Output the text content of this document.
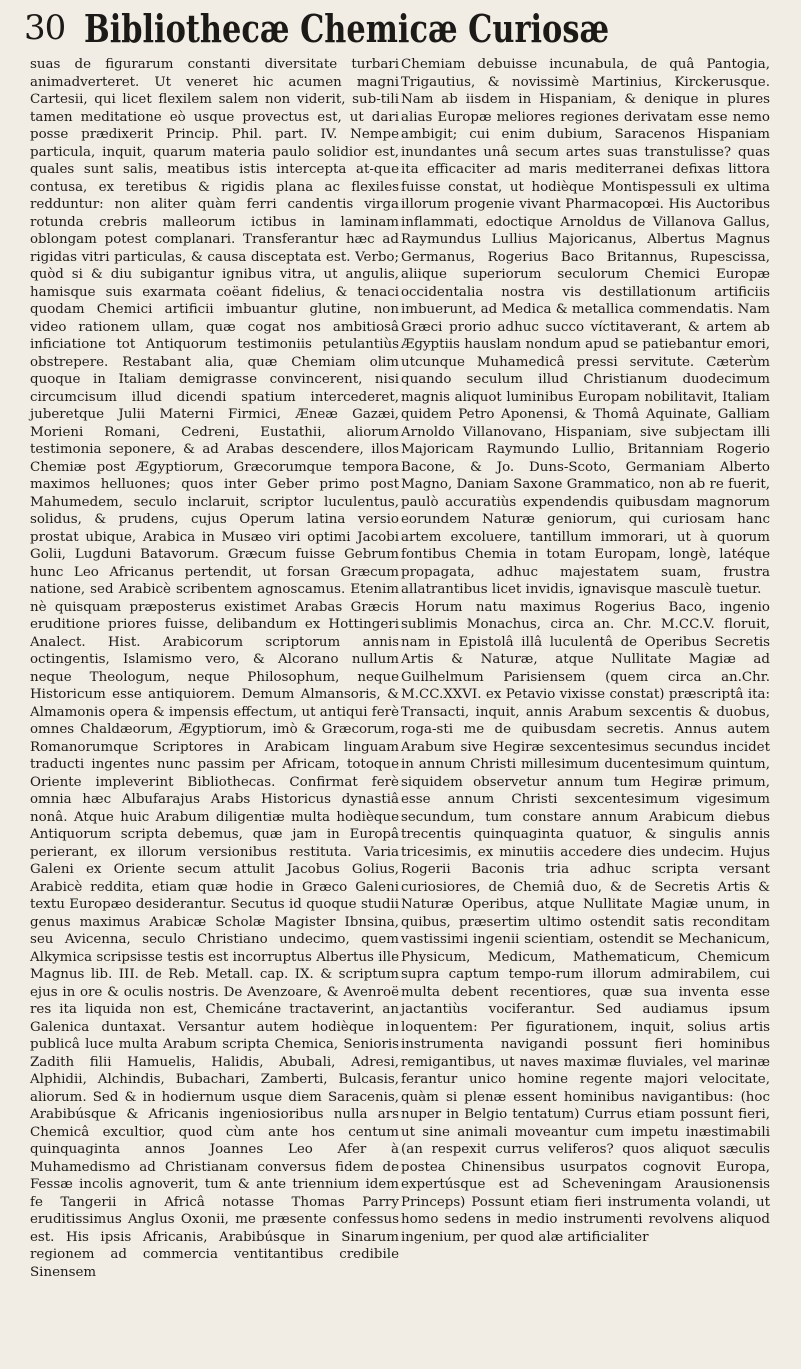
30 Bibliothecæ Chemicæ Curiosæ

suas de figurarum constanti diversitate turbari animadverteret. Ut veneret hic acumen magni Cartesii, qui licet flexilem salem non viderit, sub-tili tamen meditatione eò usque provectus est, ut dari posse prædixerit Princip. Phil. part. IV. Nempe particula, inquit, quarum materia paulo solidior est, quales sunt salis, meatibus istis intercepta at-que contusa, ex teretibus & rigidis plana ac flexiles redduntur: non aliter quàm ferri candentis virga rotunda crebris malleorum ictibus in laminam oblongam potest complanari. Transferantur hæc ad rigidas vitri particulas, & causa disceptata est. Verbo; quòd si & diu subigantur ignibus vitra, ut angulis, hamisque suis exarmata coëant fidelius, & tenaci quodam Chemici artificii imbuantur glutine, non video rationem ullam, quæ cogat nos ambitiosâ inficiatione tot Antiquorum testimoniis petulantiùs obstrepere. Restabant alia, quæ Chemiam olim quoque in Italiam demigrasse convincerent, nisi circumcisum illud dicendi spatium intercederet, juberetque Julii Materni Firmici, Æneæ Gazæi, Morieni Romani, Cedreni, Eustathii, aliorum testimonia seponere, & ad Arabas descendere, illos Chemiæ post Ægyptiorum, Græcorumque tempora maximos helluones; quos inter Geber primo post Mahumedem, seculo inclaruit, scriptor luculentus, solidus, & prudens, cujus Operum latina versio prostat ubique, Arabica in Musæo viri optimi Jacobi Golii, Lugduni Batavorum. Græcum fuisse Gebrum hunc Leo Africanus pertendit, ut forsan Græcum natione, sed Arabicè scribentem agnoscamus. Etenim nè quisquam præposterus existimet Arabas Græcis eruditione priores fuisse, delibandum ex Hottingeri Analect. Hist. Arabicorum scriptorum annis octingentis, Islamismo vero, & Alcorano nullum neque Theologum, neque Philosophum, neque Historicum esse antiquiorem. Demum Almansoris, & Almamonis opera & impensis effectum, ut antiqui ferè omnes Chaldæorum, Ægyptiorum, imò & Græcorum, Romanorumque Scriptores in Arabicam linguam traducti ingentes nunc passim per Africam, totoque Oriente impleverint Bibliothecas. Confirmat ferè omnia hæc Albufarajus Arabs Historicus dynastiâ nonâ. Atque huic Arabum diligentiæ multa hodièque Antiquorum scripta debemus, quæ jam in Europâ perierant, ex illorum versionibus restituta. Varia Galeni ex Oriente secum attulit Jacobus Golius, Arabicè reddita, etiam quæ hodie in Græco Galeni textu Europæo desiderantur. Secutus id quoque studii genus maximus Arabicæ Scholæ Magister Ibnsina, seu Avicenna, seculo Christiano undecimo, quem Alkymica scripsisse testis est incorruptus Albertus ille Magnus lib. III. de Reb. Metall. cap. IX. & scriptum ejus in ore & oculis nostris. De Avenzoare, & Avenroë res ita liquida non est, Chemicáne tractaverint, an Galenica duntaxat. Versantur autem hodièque in publicâ luce multa Arabum scripta Chemica, Senioris Zadith filii Hamuelis, Halidis, Abubali, Adresi, Alphidii, Alchindis, Bubachari, Zamberti, Bulcasis, aliorum. Sed & in hodiernum usque diem Saracenis, Arabibúsque & Africanis ingeniosioribus nulla ars Chemicâ excultior, quod cùm ante hos centum quinquaginta annos Joannes Leo Afer à Muhamedismo ad Christianam conversus fidem de Fessæ incolis agnoverit, tum & ante triennium idem fe Tangerii in Africâ notasse Thomas Parry eruditissimus Anglus Oxonii, me præsente confessus est. His ipsis Africanis, Arabibúsque in Sinarum regionem ad commercia ventitantibus credibile Sinensem

Chemiam debuisse incunabula, de quâ Pantogia, Trigautius, & novissimè Martinius, Kirckerusque. Nam ab iisdem in Hispaniam, & denique in plures alias Europæ meliores regiones derivatam esse nemo ambigit; cui enim dubium, Saracenos Hispaniam inundantes unâ secum artes suas transtulisse? quas ita efficaciter ad maris mediterranei defixas littora fuisse constat, ut hodièque Montispessuli ex ultima illorum progenie vivant Pharmacopœi. His Auctoribus inflammati, edoctique Arnoldus de Villanova Gallus, Raymundus Lullius Majoricanus, Albertus Magnus Germanus, Rogerius Baco Britannus, Rupescissa, aliique superiorum seculorum Chemici Europæ occidentalia nostra vis destillationum artificiis imbuerunt, ad Medica & metallica commendatis. Nam Græci prorio adhuc succo víctitaverant, & artem ab Ægyptiis hauslam nondum apud se patiebantur emori, utcunque Muhamedicâ pressi servitute. Cæterùm quando seculum illud Christianum duodecimum magnis aliquot luminibus Europam nobilitavit, Italiam quidem Petro Aponensi, & Thomâ Aquinate, Galliam Arnoldo Villanovano, Hispaniam, sive subjectam illi Majoricam Raymundo Lullio, Britanniam Rogerio Bacone, & Jo. Duns-Scoto, Germaniam Alberto Magno, Daniam Saxone Grammatico, non ab re fuerit, paulò accuratiùs expendendis quibusdam magnorum eorundem Naturæ geniorum, qui curiosam hanc artem excoluere, tantillum immorari, ut à quorum fontibus Chemia in totam Europam, longè, latéque propagata, adhuc majestatem suam, frustra allatrantibus licet invidis, ignavisque masculè tuetur.

Horum natu maximus Rogerius Baco, ingenio sublimis Monachus, circa an. Chr. M.CC.V. floruit, nam in Epistolâ illâ luculentâ de Operibus Secretis Artis & Naturæ, atque Nullitate Magiæ ad Guilhelmum Parisiensem (quem circa an.Chr. M.CC.XXVI. ex Petavio vixisse constat) præscriptâ ita: Transacti, inquit, annis Arabum sexcentis & duobus, roga-sti me de quibusdam secretis. Annus autem Arabum sive Hegiræ sexcentesimus secundus incidet in annum Christi millesimum ducentesimum quintum, siquidem observetur annum tum Hegiræ primum, esse annum Christi sexcentesimum vigesimum secundum, tum constare annum Arabicum diebus trecentis quinquaginta quatuor, & singulis annis tricesimis, ex minutiis accedere dies undecim. Hujus Rogerii Baconis tria adhuc scripta versant curiosiores, de Chemiâ duo, & de Secretis Artis & Naturæ Operibus, atque Nullitate Magiæ unum, in quibus, præsertim ultimo ostendit satis reconditam vastissimi ingenii scientiam, ostendit se Mechanicum, Physicum, Medicum, Mathematicum, Chemicum supra captum tempo-rum illorum admirabilem, cui multa debent recentiores, quæ sua inventa esse jactantiùs vociferantur. Sed audiamus ipsum loquentem: Per figurationem, inquit, solius artis instrumenta navigandi possunt fieri hominibus remigantibus, ut naves maximæ fluviales, vel marinæ ferantur unico homine regente majori velocitate, quàm si plenæ essent hominibus navigantibus: (hoc nuper in Belgio tentatum) Currus etiam possunt fieri, ut sine animali moveantur cum impetu inæstimabili (an respexit currus veliferos? quos aliquot sæculis postea Chinensibus usurpatos cognovit Europa, expertúsque est ad Scheveningam Arausionensis Princeps) Possunt etiam fieri instrumenta volandi, ut homo sedens in medio instrumenti revolvens aliquod ingenium, per quod alæ artificialiter
